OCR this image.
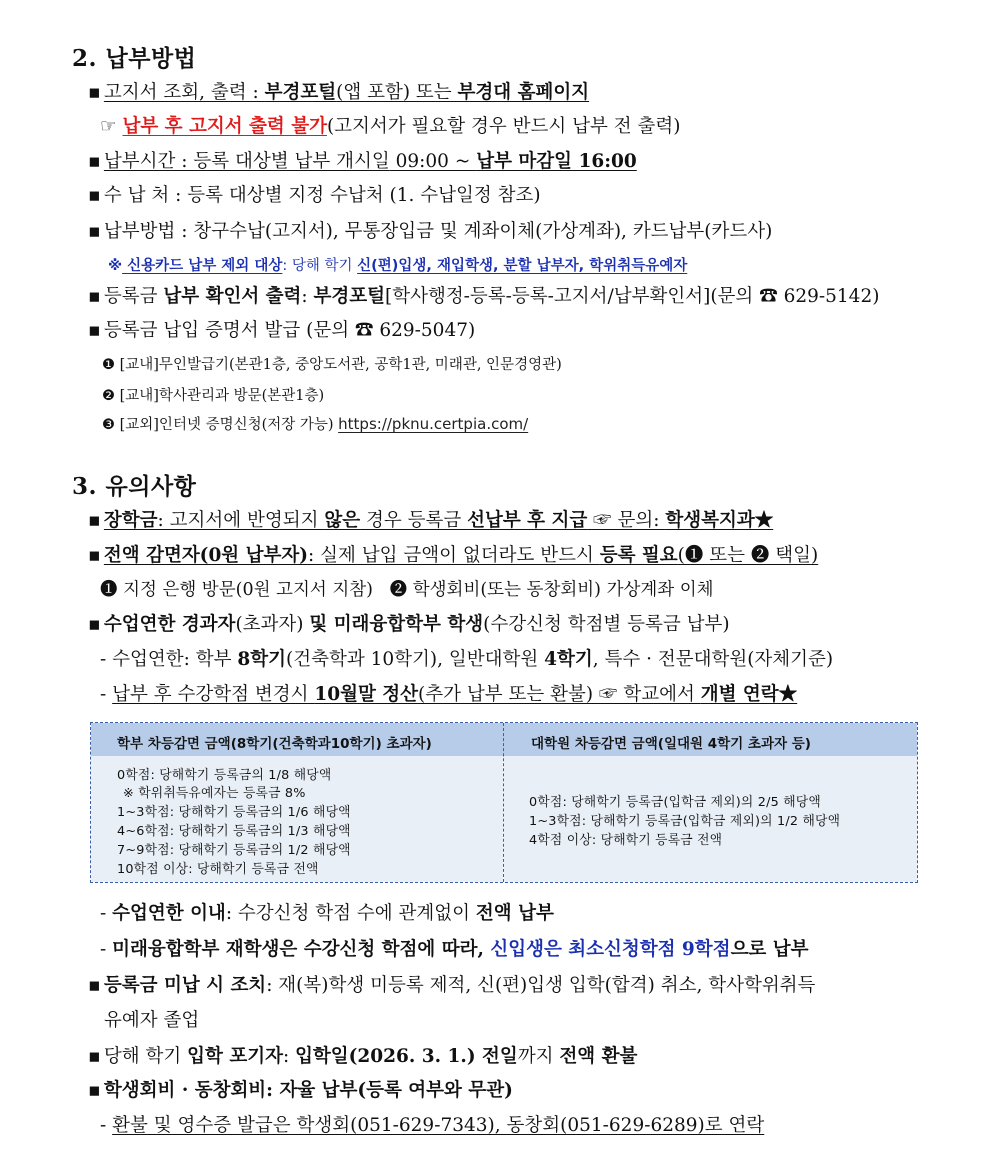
2. 납부방법
▪ 고지서 조회, 출력 : 부경포털(앱 포함) 또는 부경대 홈페이지
☞ 납부 후 고지서 출력 불가(고지서가 필요할 경우 반드시 납부 전 출력)
▪ 납부시간 : 등록 대상별 납부 개시일 09:00 ~ 납부 마감일 16:00
▪ 수 납 처 : 등록 대상별 지정 수납처 (1. 수납일정 참조)
▪ 납부방법 : 창구수납(고지서), 무통장입금 및 계좌이체(가상계좌), 카드납부(카드사)
※ 신용카드 납부 제외 대상: 당해 학기 신(편)입생, 재입학생, 분할 납부자, 학위취득유예자
▪ 등록금 납부 확인서 출력: 부경포털[학사행정-등록-등록-고지서/납부확인서](문의 ☎ 629-5142)
▪ 등록금 납입 증명서 발급 (문의 ☎ 629-5047)
❶ [교내]무인발급기(본관1층, 중앙도서관, 공학1관, 미래관, 인문경영관)
❷ [교내]학사관리과 방문(본관1층)
❸ [교외]인터넷 증명신청(저장 가능) https://pknu.certpia.com/
3. 유의사항
▪ 장학금: 고지서에 반영되지 않은 경우 등록금 선납부 후 지급 ☞ 문의: 학생복지과★
▪ 전액 감면자(0원 납부자): 실제 납입 금액이 없더라도 반드시 등록 필요(❶ 또는 ❷ 택일)
❶ 지정 은행 방문(0원 고지서 지참) ❷ 학생회비(또는 동창회비) 가상계좌 이체
▪ 수업연한 경과자(초과자) 및 미래융합학부 학생(수강신청 학점별 등록금 납부)
- 수업연한: 학부 8학기(건축학과 10학기), 일반대학원 4학기, 특수 · 전문대학원(자체기준)
- 납부 후 수강학점 변경시 10월말 정산(추가 납부 또는 환불) ☞ 학교에서 개별 연락★
학부 차등감면 금액(8학기(건축학과10학기) 초과자)	대학원 차등감면 금액(일대원 4학기 초과자 등)
0학점: 당해학기 등록금의 1/8 해당액
※ 학위취득유예자는 등록금 8%
1~3학점: 당해학기 등록금의 1/6 해당액
4~6학점: 당해학기 등록금의 1/3 해당액
7~9학점: 당해학기 등록금의 1/2 해당액
10학점 이상: 당해학기 등록금 전액
0학점: 당해학기 등록금(입학금 제외)의 2/5 해당액
1~3학점: 당해학기 등록금(입학금 제외)의 1/2 해당액
4학점 이상: 당해학기 등록금 전액
- 수업연한 이내: 수강신청 학점 수에 관계없이 전액 납부
- 미래융합학부 재학생은 수강신청 학점에 따라, 신입생은 최소신청학점 9학점으로 납부
▪ 등록금 미납 시 조치: 재(복)학생 미등록 제적, 신(편)입생 입학(합격) 취소, 학사학위취득
유예자 졸업
▪ 당해 학기 입학 포기자: 입학일(2026. 3. 1.) 전일까지 전액 환불
▪ 학생회비 · 동창회비: 자율 납부(등록 여부와 무관)
- 환불 및 영수증 발급은 학생회(051-629-7343), 동창회(051-629-6289)로 연락
